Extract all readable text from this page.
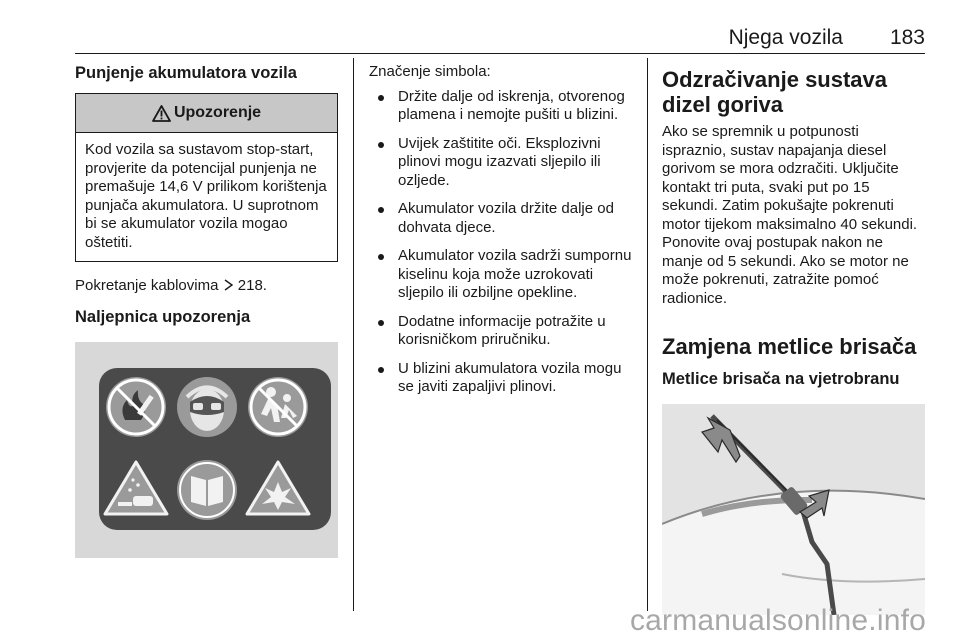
Njega vozila 183
Punjenje akumulatora vozila
Upozorenje
Kod vozila sa sustavom stop-start, provjerite da potencijal punjenja ne premašuje 14,6 V prilikom korištenja punjača akumulatora. U suprotnom bi se akumulator vozila mogao oštetiti.

Pokretanje kablovima 218.

Naljepnica upozorenja

Značenje simbola:

Držite dalje od iskrenja, otvorenog plamena i nemojte pušiti u blizini.
Uvijek zaštitite oči. Eksplozivni plinovi mogu izazvati sljepilo ili ozljede.
Akumulator vozila držite dalje od dohvata djece.
Akumulator vozila sadrži sumpornu kiselinu koja može uzrokovati sljepilo ili ozbiljne opekline.
Dodatne informacije potražite u korisničkom priručniku.
U blizini akumulatora vozila mogu se javiti zapaljivi plinovi.
Odzračivanje sustava dizel goriva

Ako se spremnik u potpunosti ispraznio, sustav napajanja diesel gorivom se mora odzračiti. Uključite kontakt tri puta, svaki put po 15 sekundi. Zatim pokušajte pokrenuti motor tijekom maksimalno 40 sekundi. Ponovite ovaj postupak nakon ne manje od 5 sekundi. Ako se motor ne može pokrenuti, zatražite pomoć radionice.

Zamjena metlice brisača
Metlice brisača na vjetrobranu
carmanualsonline.info
